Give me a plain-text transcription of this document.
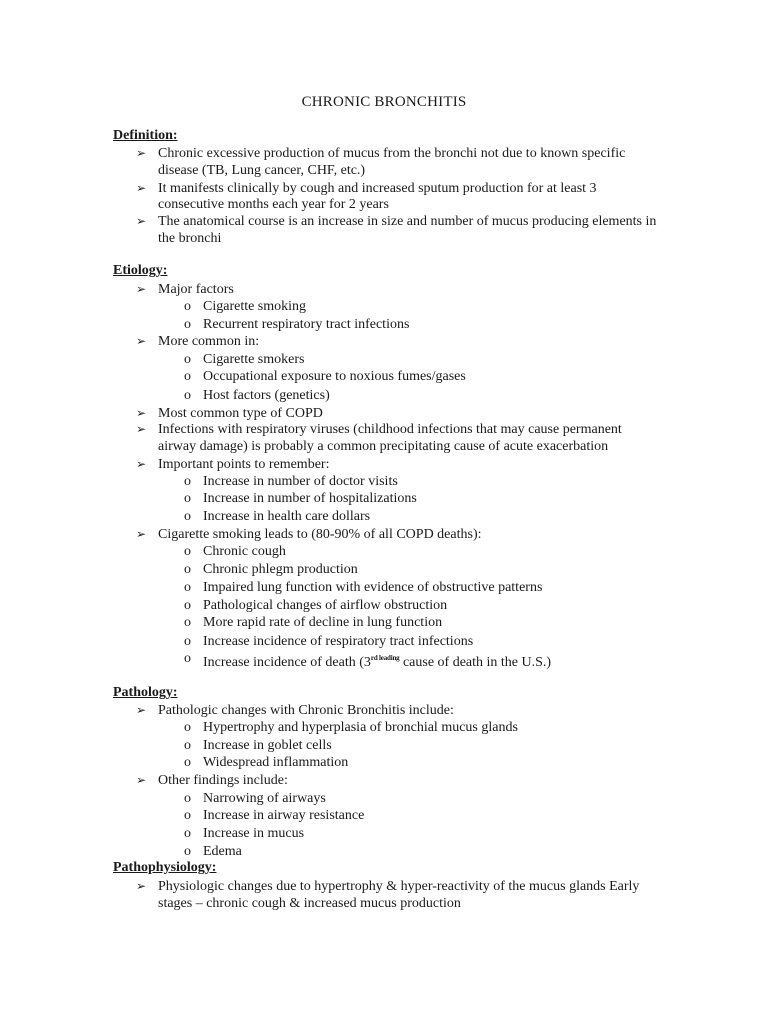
CHRONIC BRONCHITIS
Definition:
➢ Chronic excessive production of mucus from the bronchi not due to known specific
disease (TB, Lung cancer, CHF, etc.)
➢ It manifests clinically by cough and increased sputum production for at least 3
consecutive months each year for 2 years
➢ The anatomical course is an increase in size and number of mucus producing elements in
the bronchi
Etiology:
➢ Major factors
o Cigarette smoking
o Recurrent respiratory tract infections
➢ More common in:
o Cigarette smokers
o Occupational exposure to noxious fumes/gases
o Host factors (genetics)
➢ Most common type of COPD
➢ Infections with respiratory viruses (childhood infections that may cause permanent
airway damage) is probably a common precipitating cause of acute exacerbation
➢ Important points to remember:
o Increase in number of doctor visits
o Increase in number of hospitalizations
o Increase in health care dollars
➢ Cigarette smoking leads to (80-90% of all COPD deaths):
o Chronic cough
o Chronic phlegm production
o Impaired lung function with evidence of obstructive patterns
o Pathological changes of airflow obstruction
o More rapid rate of decline in lung function
o Increase incidence of respiratory tract infections
o Increase incidence of death ($3^{rd leading}$ cause of death in the U.S.)
Pathology:
➢ Pathologic changes with Chronic Bronchitis include:
o Hypertrophy and hyperplasia of bronchial mucus glands
o Increase in goblet cells
o Widespread inflammation
➢ Other findings include:
o Narrowing of airways
o Increase in airway resistance
o Increase in mucus
o Edema
Pathophysiology:
➢ Physiologic changes due to hypertrophy & hyper-reactivity of the mucus glands Early
stages – chronic cough & increased mucus production
